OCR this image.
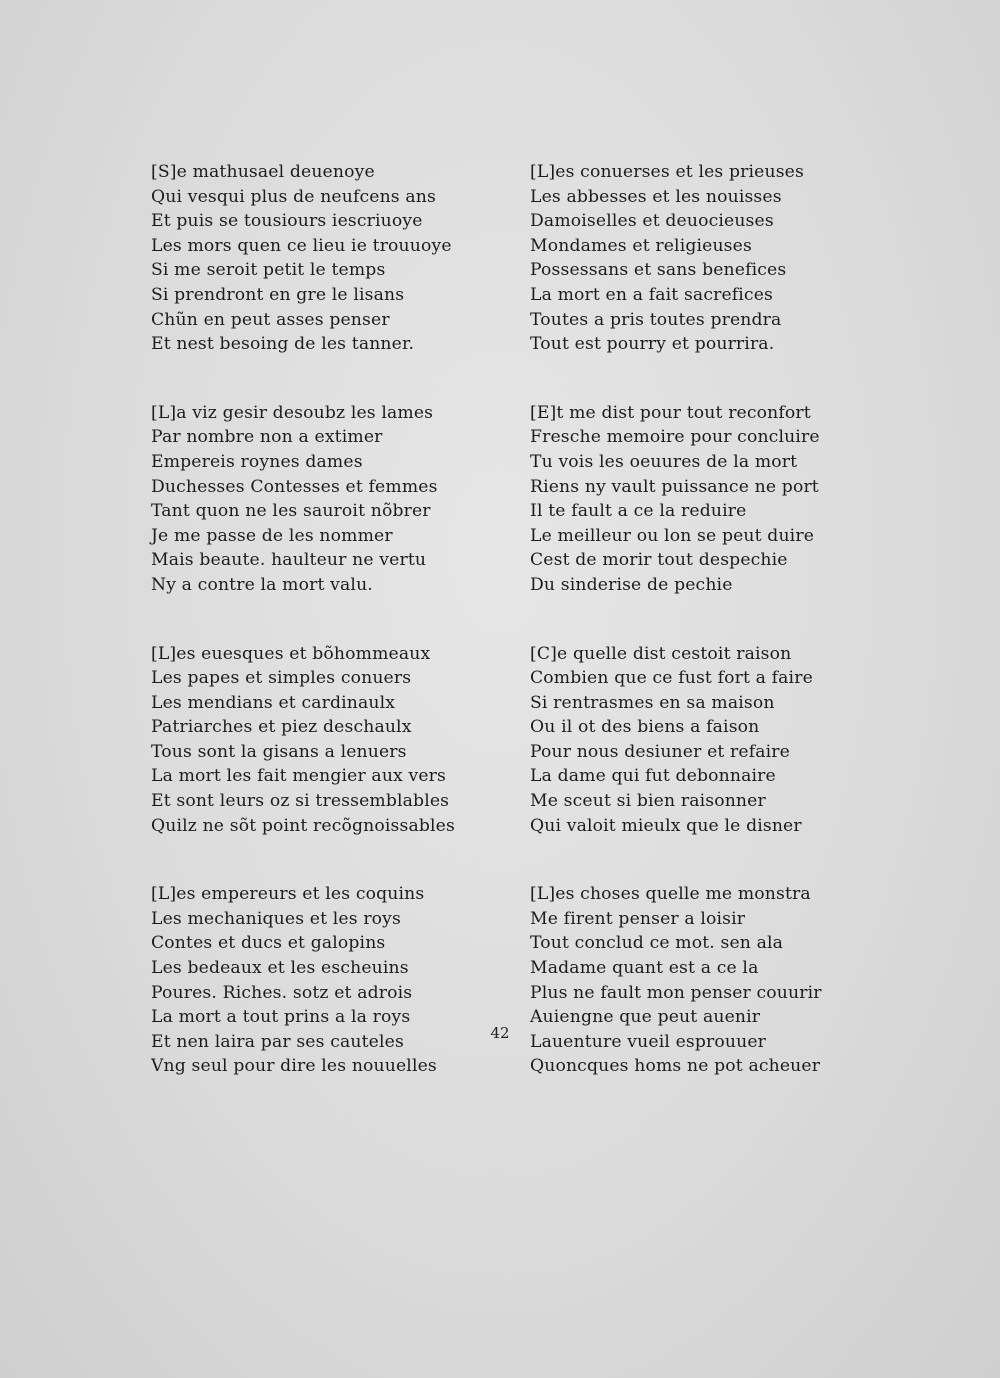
[S]e mathusael deuenoye
Qui vesqui plus de neufcens ans
Et puis se tousiours iescriuoye
Les mors quen ce lieu ie trouuoye
Si me seroit petit le temps
Si prendront en gre le lisans
Chũn en peut asses penser
Et nest besoing de les tanner.
[L]a viz gesir desoubz les lames
Par nombre non a extimer
Empereis roynes dames
Duchesses Contesses et femmes
Tant quon ne les sauroit nõbrer
Je me passe de les nommer
Mais beaute. haulteur ne vertu
Ny a contre la mort valu.
[L]es euesques et bõhommeaux
Les papes et simples conuers
Les mendians et cardinaulx
Patriarches et piez deschaulx
Tous sont la gisans a lenuers
La mort les fait mengier aux vers
Et sont leurs oz si tressemblables
Quilz ne sõt point recõgnoissables
[L]es empereurs et les coquins
Les mechaniques et les roys
Contes et ducs et galopins
Les bedeaux et les escheuins
Poures. Riches. sotz et adrois
La mort a tout prins a la roys
Et nen laira par ses cauteles
Vng seul pour dire les nouuelles
[L]es conuerses et les prieuses
Les abbesses et les nouisses
Damoiselles et deuocieuses
Mondames et religieuses
Possessans et sans benefices
La mort en a fait sacrefices
Toutes a pris toutes prendra
Tout est pourry et pourrira.
[E]t me dist pour tout reconfort
Fresche memoire pour concluire
Tu vois les oeuures de la mort
Riens ny vault puissance ne port
Il te fault a ce la reduire
Le meilleur ou lon se peut duire
Cest de morir tout despechie
Du sinderise de pechie
[C]e quelle dist cestoit raison
Combien que ce fust fort a faire
Si rentrasmes en sa maison
Ou il ot des biens a faison
Pour nous desiuner et refaire
La dame qui fut debonnaire
Me sceut si bien raisonner
Qui valoit mieulx que le disner
[L]es choses quelle me monstra
Me firent penser a loisir
Tout conclud ce mot. sen ala
Madame quant est a ce la
Plus ne fault mon penser couurir
Auiengne que peut auenir
Lauenture vueil esprouuer
Quoncques homs ne pot acheuer
42
